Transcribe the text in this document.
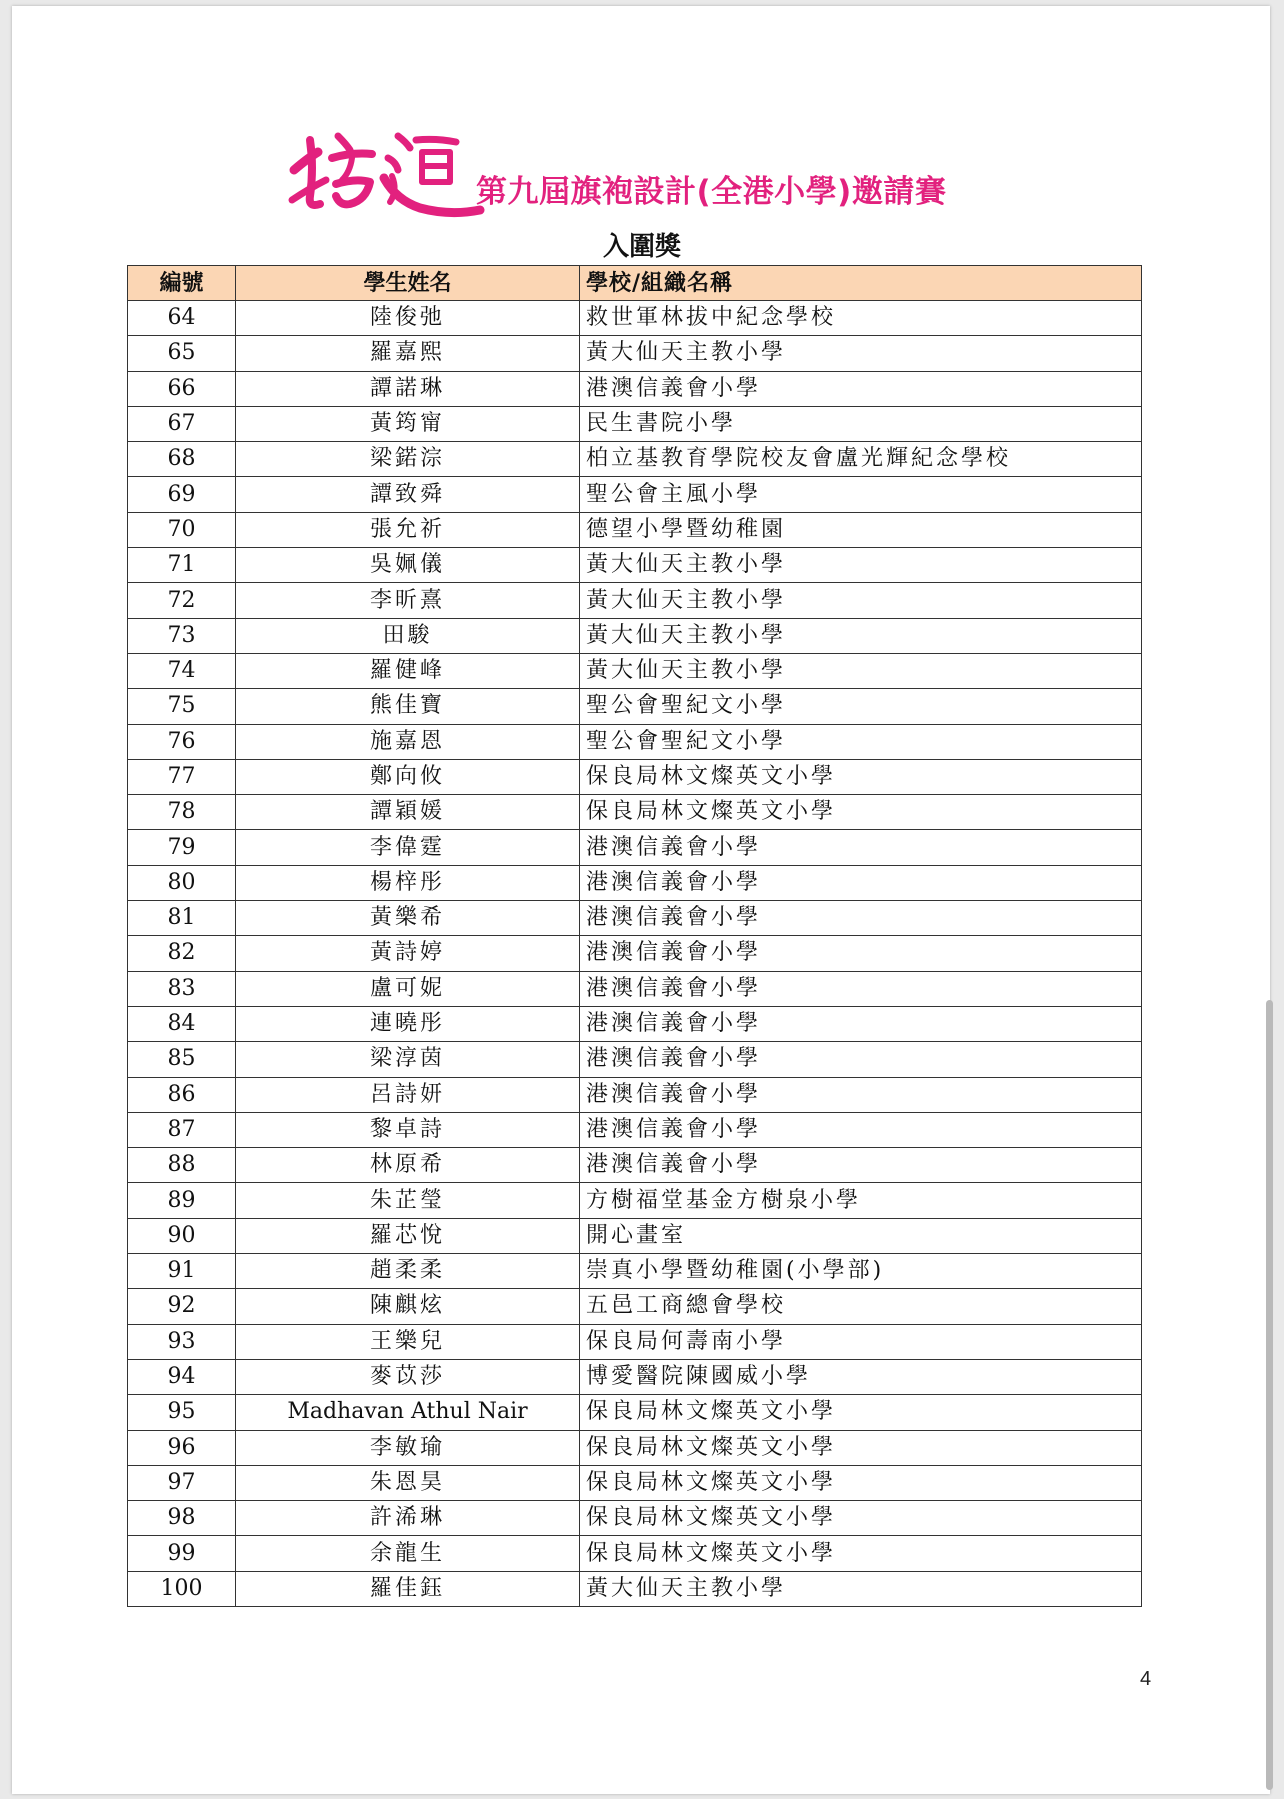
第九屆旗袍設計(全港小學)邀請賽
入圍獎
編號	學生姓名	學校/組織名稱
64	陸俊弛	救世軍林拔中紀念學校
65	羅嘉熙	黃大仙天主教小學
66	譚諾琳	港澳信義會小學
67	黃筠甯	民生書院小學
68	梁鍩淙	柏立基教育學院校友會盧光輝紀念學校
69	譚致舜	聖公會主風小學
70	張允祈	德望小學暨幼稚園
71	吳姵儀	黃大仙天主教小學
72	李昕熹	黃大仙天主教小學
73	田駿	黃大仙天主教小學
74	羅健峰	黃大仙天主教小學
75	熊佳寶	聖公會聖紀文小學
76	施嘉恩	聖公會聖紀文小學
77	鄭向攸	保良局林文燦英文小學
78	譚穎媛	保良局林文燦英文小學
79	李偉霆	港澳信義會小學
80	楊梓彤	港澳信義會小學
81	黃樂希	港澳信義會小學
82	黃詩婷	港澳信義會小學
83	盧可妮	港澳信義會小學
84	連曉彤	港澳信義會小學
85	梁淳茵	港澳信義會小學
86	呂詩妍	港澳信義會小學
87	黎卓詩	港澳信義會小學
88	林原希	港澳信義會小學
89	朱芷瑩	方樹福堂基金方樹泉小學
90	羅芯悅	開心畫室
91	趙柔柔	崇真小學暨幼稚園(小學部)
92	陳麒炫	五邑工商總會學校
93	王樂兒	保良局何壽南小學
94	麥苡莎	博愛醫院陳國威小學
95	Madhavan Athul Nair	保良局林文燦英文小學
96	李敏瑜	保良局林文燦英文小學
97	朱恩昊	保良局林文燦英文小學
98	許浠琳	保良局林文燦英文小學
99	余龍生	保良局林文燦英文小學
100	羅佳鈺	黃大仙天主教小學
4
